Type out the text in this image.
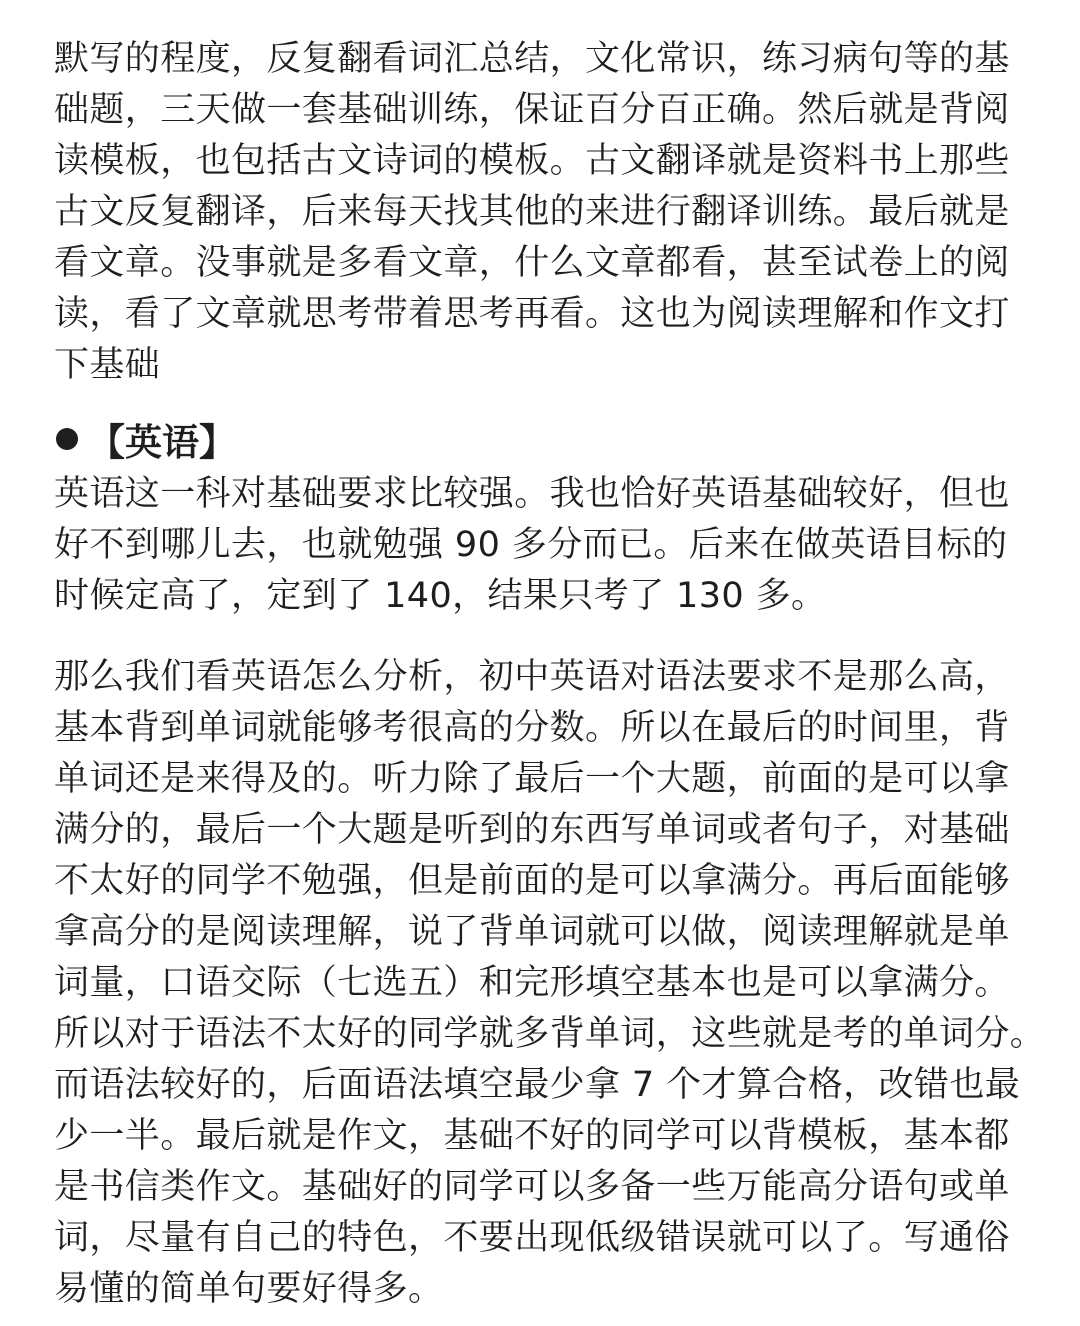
默写的程度，反复翻看词汇总结，文化常识，练习病句等的基
础题，三天做一套基础训练，保证百分百正确。然后就是背阅
读模板，也包括古文诗词的模板。古文翻译就是资料书上那些
古文反复翻译，后来每天找其他的来进行翻译训练。最后就是
看文章。没事就是多看文章，什么文章都看，甚至试卷上的阅
读，看了文章就思考带着思考再看。这也为阅读理解和作文打
下基础
【英语】
英语这一科对基础要求比较强。我也恰好英语基础较好，但也
好不到哪儿去，也就勉强 90 多分而已。后来在做英语目标的
时候定高了，定到了 140，结果只考了 130 多。
那么我们看英语怎么分析，初中英语对语法要求不是那么高，
基本背到单词就能够考很高的分数。所以在最后的时间里，背
单词还是来得及的。听力除了最后一个大题，前面的是可以拿
满分的，最后一个大题是听到的东西写单词或者句子，对基础
不太好的同学不勉强，但是前面的是可以拿满分。再后面能够
拿高分的是阅读理解，说了背单词就可以做，阅读理解就是单
词量，口语交际（七选五）和完形填空基本也是可以拿满分。
所以对于语法不太好的同学就多背单词，这些就是考的单词分。
而语法较好的，后面语法填空最少拿 7 个才算合格，改错也最
少一半。最后就是作文，基础不好的同学可以背模板，基本都
是书信类作文。基础好的同学可以多备一些万能高分语句或单
词，尽量有自己的特色，不要出现低级错误就可以了。写通俗
易懂的简单句要好得多。
